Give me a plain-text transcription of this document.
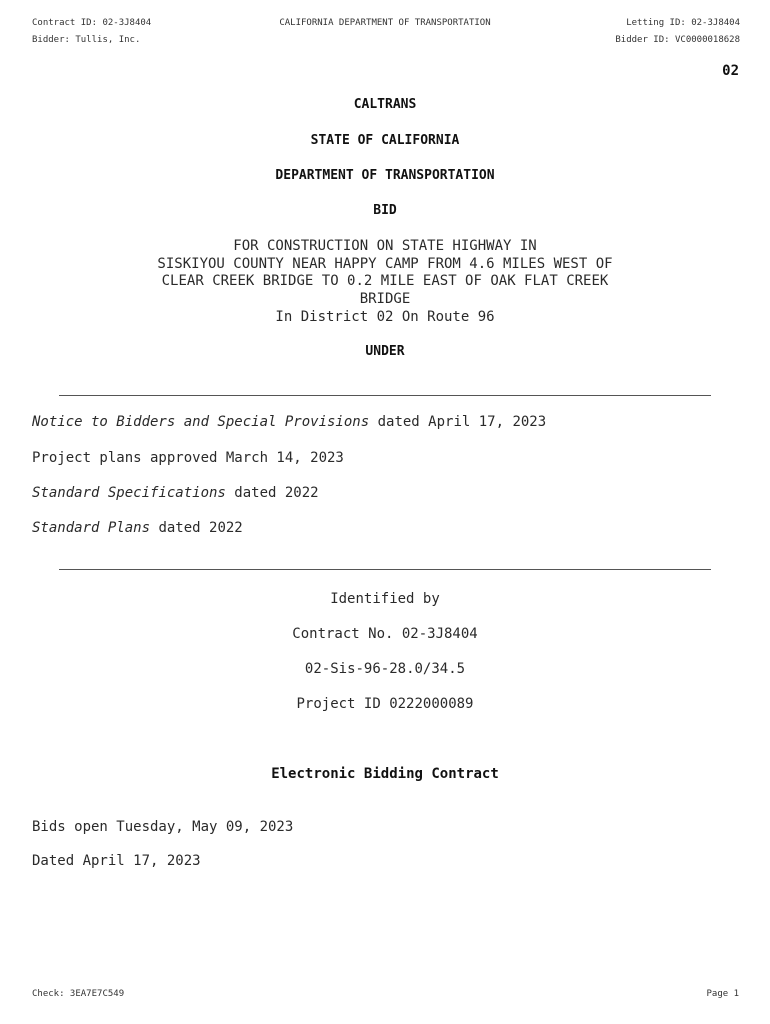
Contract ID: 02-3J8404
Bidder: Tullis, Inc.
CALIFORNIA DEPARTMENT OF TRANSPORTATION	Letting ID: 02-3J8404
Bidder ID: VC0000018628
02
CALTRANS
STATE OF CALIFORNIA
DEPARTMENT OF TRANSPORTATION
BID
FOR CONSTRUCTION ON STATE HIGHWAY IN
SISKIYOU COUNTY NEAR HAPPY CAMP FROM 4.6 MILES WEST OF
CLEAR CREEK BRIDGE TO 0.2 MILE EAST OF OAK FLAT CREEK
BRIDGE
In District 02 On Route 96
UNDER
Notice to Bidders and Special Provisions dated April 17, 2023
Project plans approved March 14, 2023
Standard Specifications dated 2022
Standard Plans dated 2022
Identified by
Contract No. 02-3J8404
02-Sis-96-28.0/34.5
Project ID 0222000089
Electronic Bidding Contract
Bids open Tuesday, May 09, 2023
Dated April 17, 2023
Check: 3EA7E7C549	Page 1
